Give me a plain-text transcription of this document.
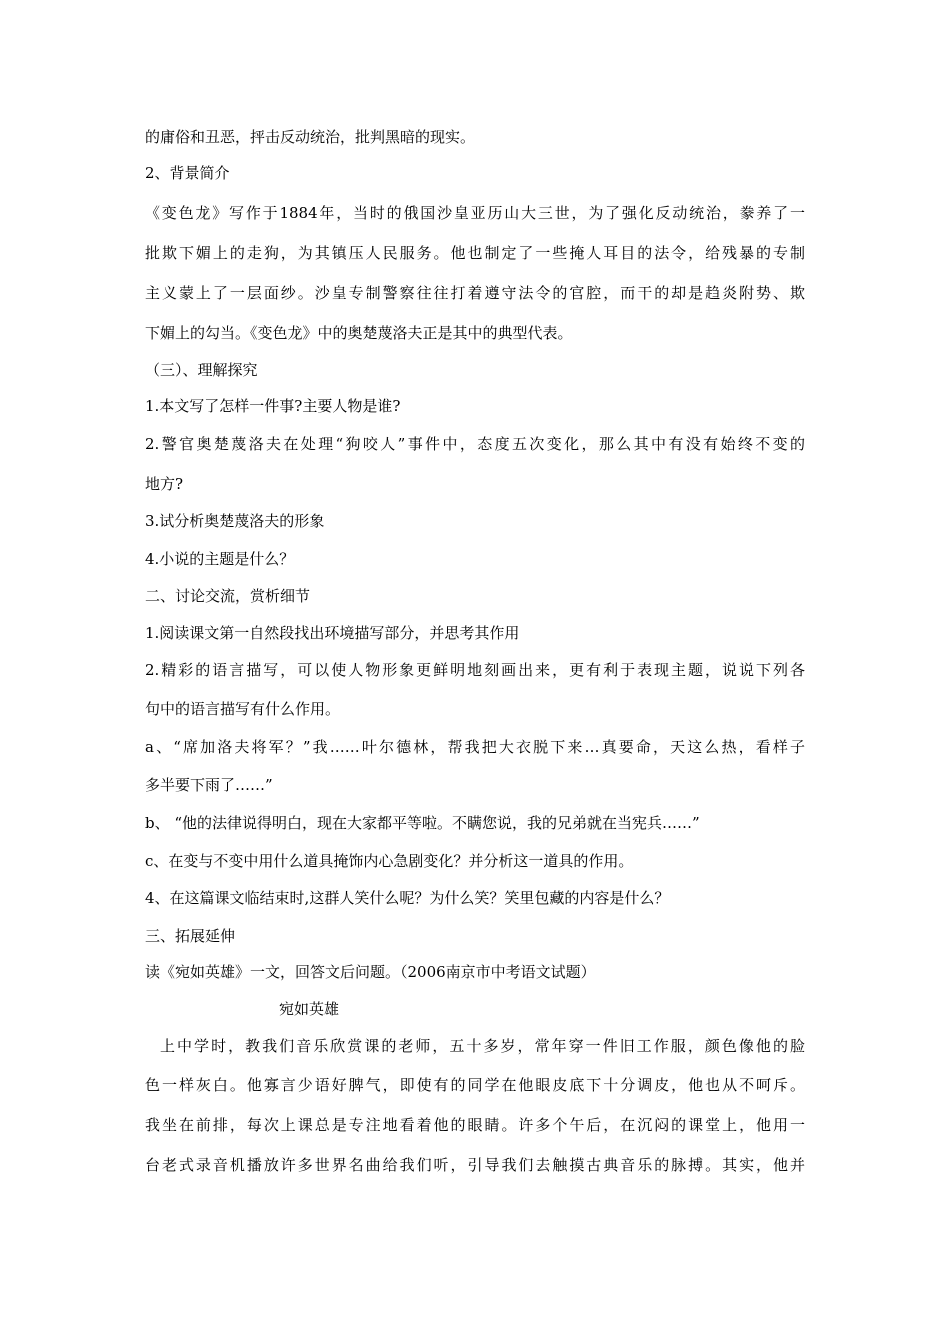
的庸俗和丑恶，抨击反动统治，批判黑暗的现实。
2、背景简介
《变色龙》写作于1884年，当时的俄国沙皇亚历山大三世，为了强化反动统治，豢养了一
批欺下媚上的走狗，为其镇压人民服务。他也制定了一些掩人耳目的法令，给残暴的专制
主义蒙上了一层面纱。沙皇专制警察往往打着遵守法令的官腔，而干的却是趋炎附势、欺
下媚上的勾当。《变色龙》中的奥楚蔑洛夫正是其中的典型代表。
（三）、理解探究
1.本文写了怎样一件事?主要人物是谁?
2.警官奥楚蔑洛夫在处理“狗咬人”事件中，态度五次变化，那么其中有没有始终不变的
地方?
3.试分析奥楚蔑洛夫的形象
4.小说的主题是什么？
二、讨论交流，赏析细节
1.阅读课文第一自然段找出环境描写部分，并思考其作用
2.精彩的语言描写，可以使人物形象更鲜明地刻画出来，更有利于表现主题，说说下列各
句中的语言描写有什么作用。
a、“席加洛夫将军？”我……叶尔德林，帮我把大衣脱下来…真要命，天这么热，看样子
多半要下雨了……”
b、 “他的法律说得明白，现在大家都平等啦。不瞒您说，我的兄弟就在当宪兵……”
c、在变与不变中用什么道具掩饰内心急剧变化？并分析这一道具的作用。
4、在这篇课文临结束时,这群人笑什么呢？为什么笑？笑里包藏的内容是什么？
三、拓展延伸
读《宛如英雄》一文，回答文后问题。（2006南京市中考语文试题）
宛如英雄
上中学时，教我们音乐欣赏课的老师，五十多岁，常年穿一件旧工作服，颜色像他的脸
色一样灰白。他寡言少语好脾气，即使有的同学在他眼皮底下十分调皮，他也从不呵斥。
我坐在前排，每次上课总是专注地看着他的眼睛。许多个午后，在沉闷的课堂上，他用一
台老式录音机播放许多世界名曲给我们听，引导我们去触摸古典音乐的脉搏。其实，他并
